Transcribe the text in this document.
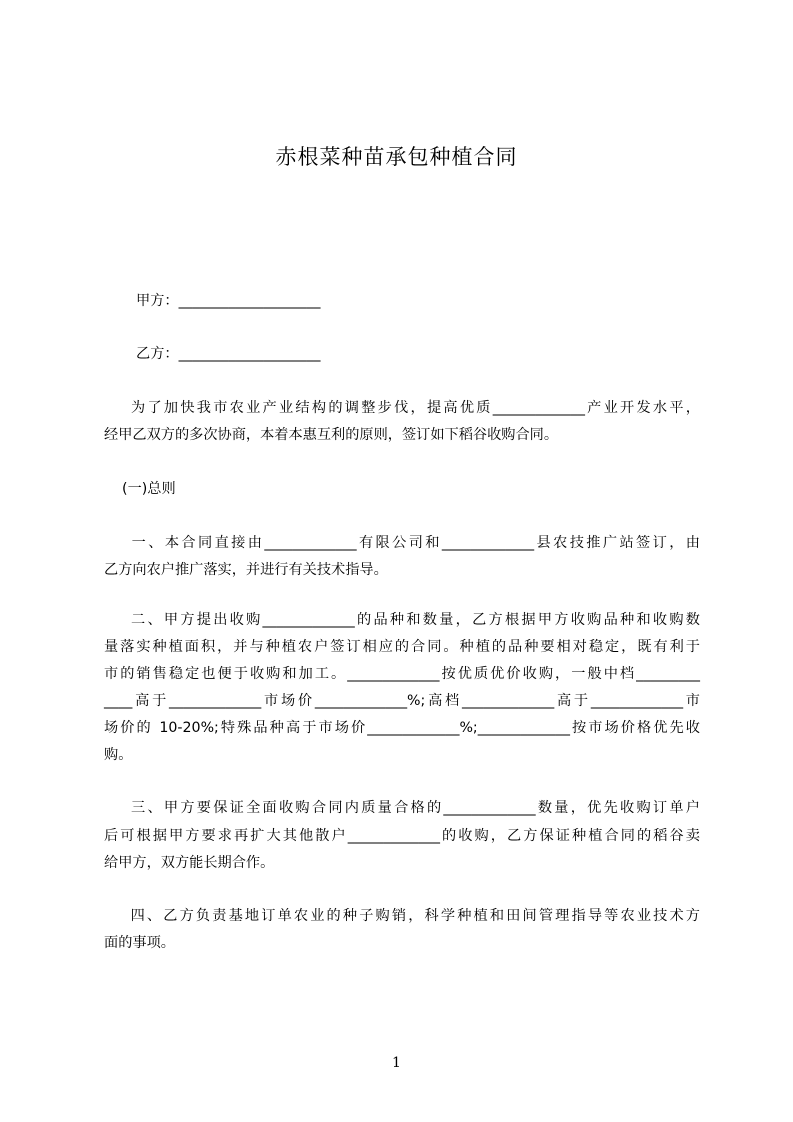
赤根菜种苗承包种植合同
甲方：____________________
乙方：____________________
为了加快我市农业产业结构的调整步伐，提高优质_____________产业开发水平，
经甲乙双方的多次协商，本着本惠互利的原则，签订如下稻谷收购合同。
(一)总则
一、本合同直接由_____________有限公司和_____________县农技推广站签订，由
乙方向农户推广落实，并进行有关技术指导。
二、甲方提出收购_____________的品种和数量，乙方根据甲方收购品种和收购数
量落实种植面积，并与种植农户签订相应的合同。种植的品种要相对稳定，既有利于
市的销售稳定也便于收购和加工。_____________按优质优价收购，一般中档_________
____高于_____________市场价_____________%;高档_____________高于_____________市
场价的 10-20%;特殊品种高于市场价_____________%;_____________按市场价格优先收
购。
三、甲方要保证全面收购合同内质量合格的_____________数量，优先收购订单户
后可根据甲方要求再扩大其他散户_____________的收购，乙方保证种植合同的稻谷卖
给甲方，双方能长期合作。
四、乙方负责基地订单农业的种子购销，科学种植和田间管理指导等农业技术方
面的事项。
1
